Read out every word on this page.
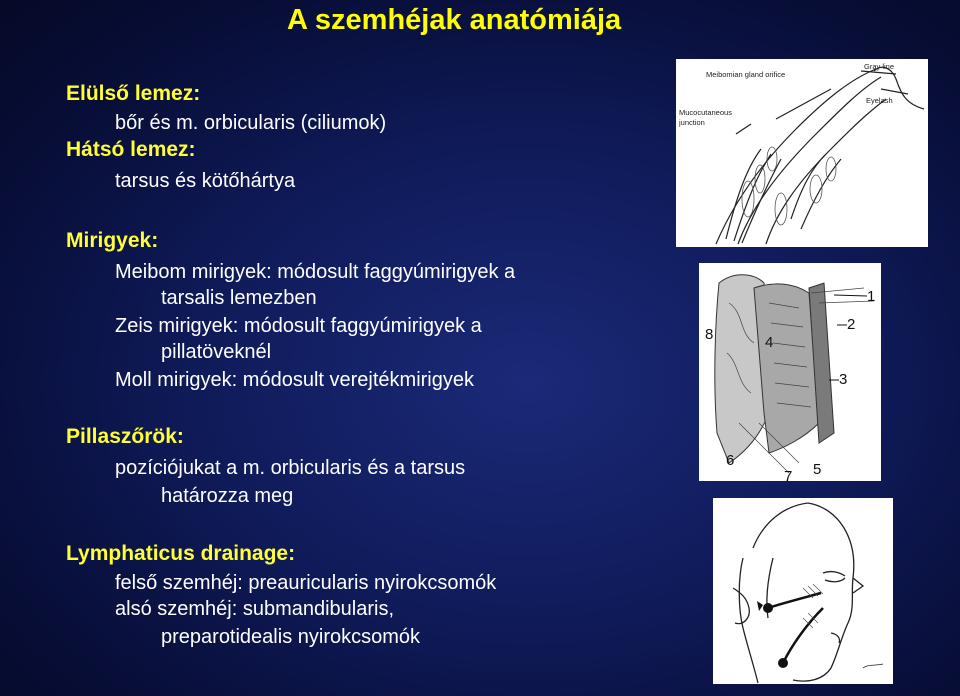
A szemhéjak anatómiája
Elülső lemez:
bőr és m. orbicularis (ciliumok)
Hátsó lemez:
tarsus és kötőhártya
Mirigyek:
Meibom mirigyek: módosult faggyúmirigyek a
tarsalis lemezben
Zeis mirigyek: módosult faggyúmirigyek a
pillatöveknél
Moll mirigyek: módosult verejtékmirigyek
Pillaszőrök:
pozíciójukat a m. orbicularis és a tarsus
határozza meg
Lymphaticus drainage:
felső szemhéj: preauricularis nyirokcsomók
alsó szemhéj: submandibularis,
preparotidealis nyirokcsomók
Meibomian gland orifice
Gray line
Eyelash
Mucocutaneous
junction
1
2
3
4
5
6
7
8
